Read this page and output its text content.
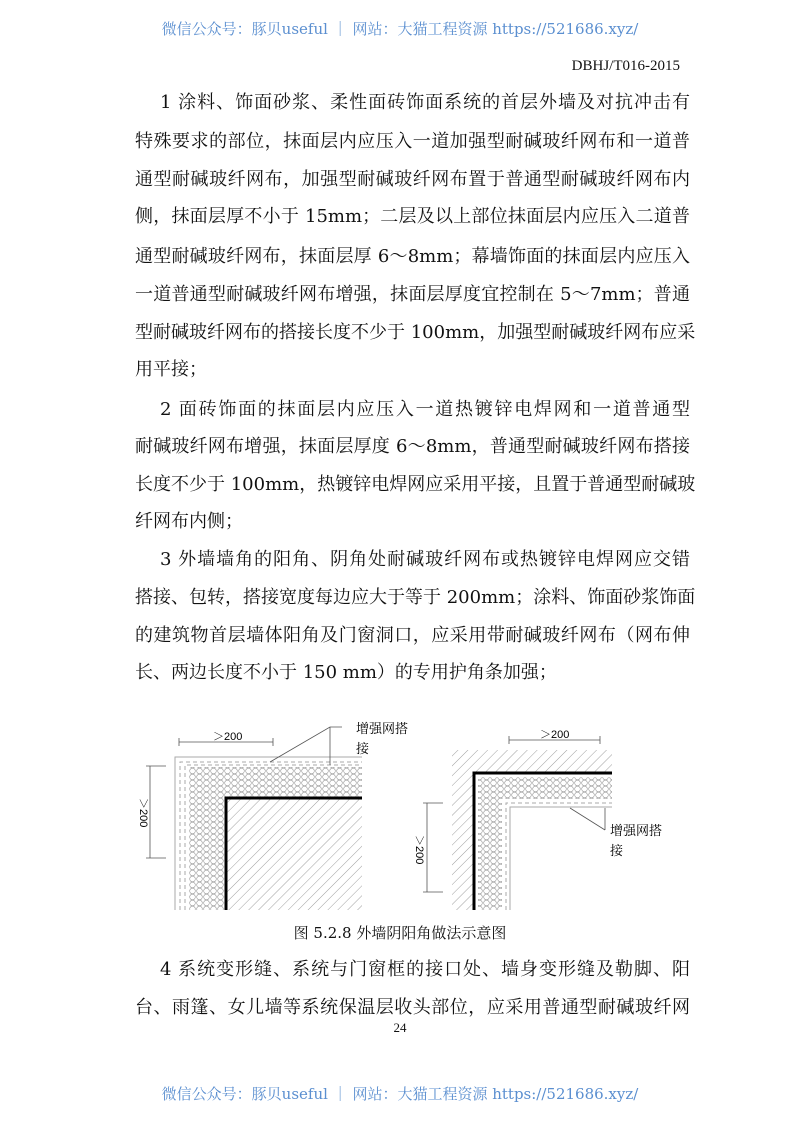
微信公众号：豚贝useful ｜ 网站：大猫工程资源 https://521686.xyz/
DBHJ/T016-2015
1 涂料、饰面砂浆、柔性面砖饰面系统的首层外墙及对抗冲击有
特殊要求的部位，抹面层内应压入一道加强型耐碱玻纤网布和一道普
通型耐碱玻纤网布，加强型耐碱玻纤网布置于普通型耐碱玻纤网布内
侧，抹面层厚不小于 15mm；二层及以上部位抹面层内应压入二道普
通型耐碱玻纤网布，抹面层厚 6～8mm；幕墙饰面的抹面层内应压入
一道普通型耐碱玻纤网布增强，抹面层厚度宜控制在 5～7mm；普通
型耐碱玻纤网布的搭接长度不少于 100mm，加强型耐碱玻纤网布应采
用平接；
2 面砖饰面的抹面层内应压入一道热镀锌电焊网和一道普通型
耐碱玻纤网布增强，抹面层厚度 6～8mm，普通型耐碱玻纤网布搭接
长度不少于 100mm，热镀锌电焊网应采用平接，且置于普通型耐碱玻
纤网布内侧；
3 外墙墙角的阳角、阴角处耐碱玻纤网布或热镀锌电焊网应交错
搭接、包转，搭接宽度每边应大于等于 200mm；涂料、饰面砂浆饰面
的建筑物首层墙体阳角及门窗洞口，应采用带耐碱玻纤网布（网布伸
长、两边长度不小于 150 mm）的专用护角条加强；
4 系统变形缝、系统与门窗框的接口处、墙身变形缝及勒脚、阳
台、雨篷、女儿墙等系统保温层收头部位，应采用普通型耐碱玻纤网
＞200
＞200
＞200
＞200
增强网搭
接
增强网搭
接
图 5.2.8 外墙阴阳角做法示意图
24
微信公众号：豚贝useful ｜ 网站：大猫工程资源 https://521686.xyz/
